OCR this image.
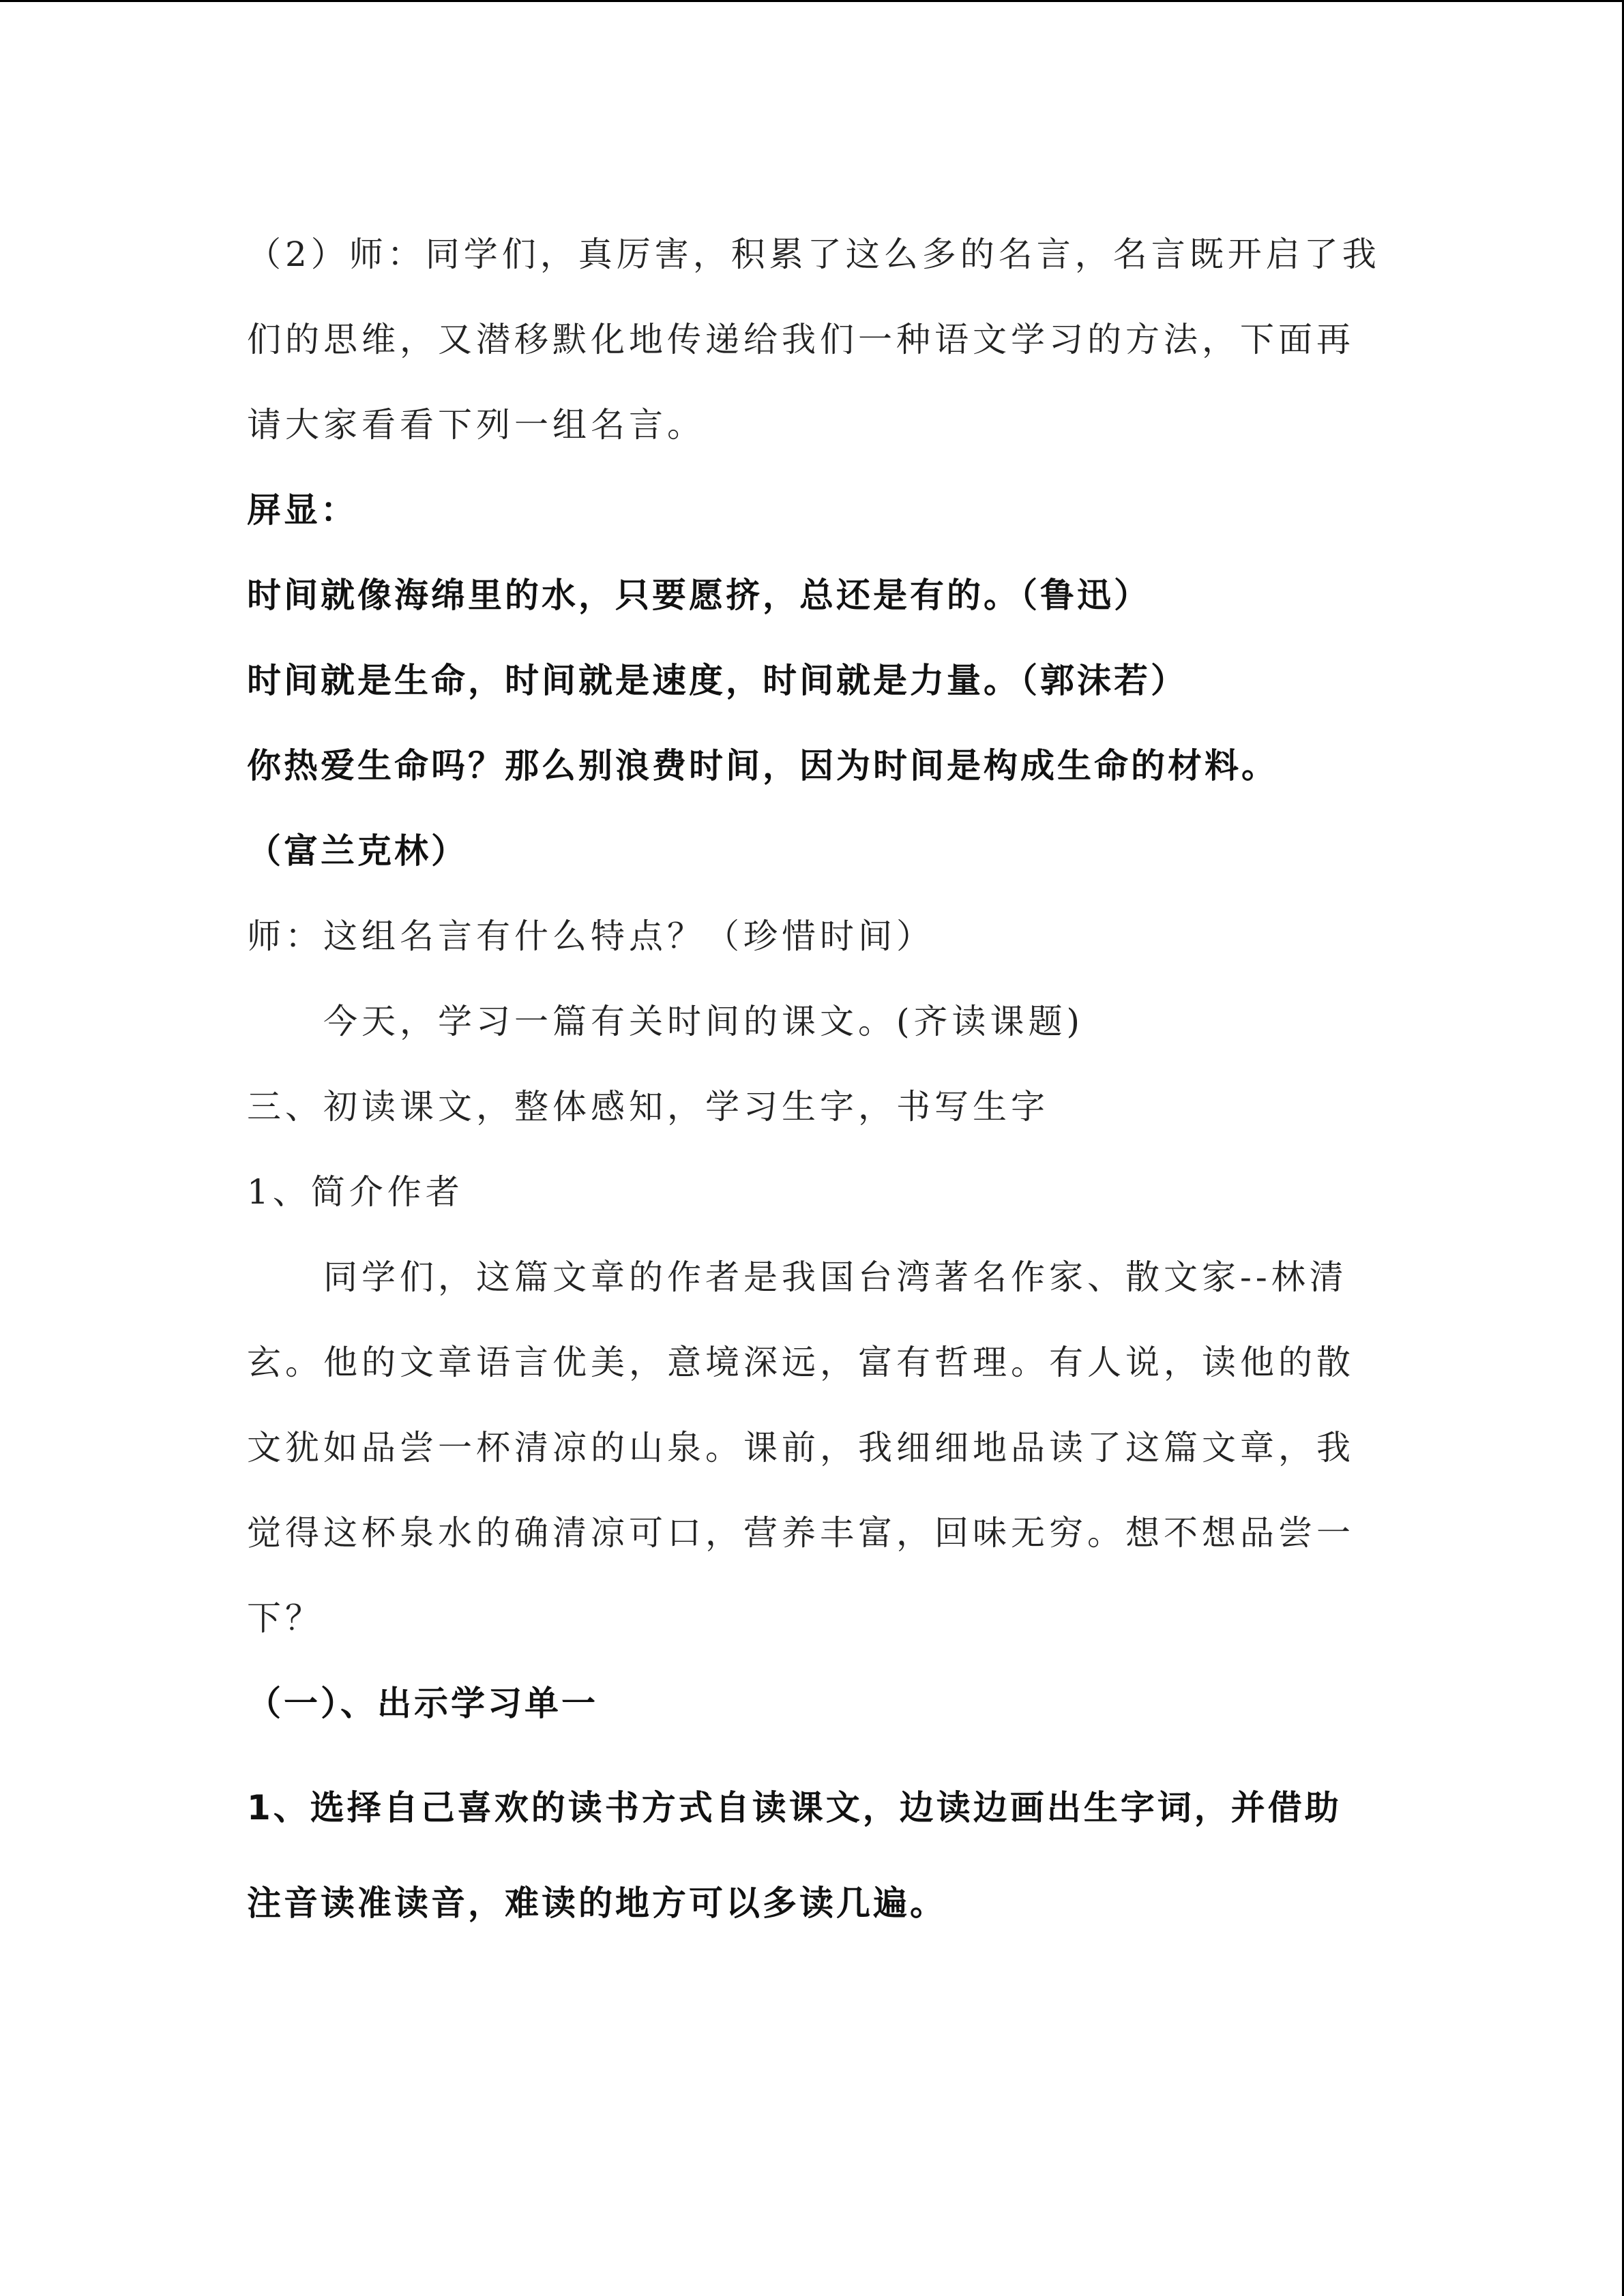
（2）师：同学们，真厉害，积累了这么多的名言，名言既开启了我
们的思维，又潜移默化地传递给我们一种语文学习的方法，下面再
请大家看看下列一组名言。
屏显：
时间就像海绵里的水，只要愿挤，总还是有的。（鲁迅）
时间就是生命，时间就是速度，时间就是力量。（郭沫若）
你热爱生命吗？那么别浪费时间，因为时间是构成生命的材料。
（富兰克林）
师：这组名言有什么特点？（珍惜时间）
今天，学习一篇有关时间的课文。(齐读课题)
三、初读课文，整体感知，学习生字，书写生字
1、简介作者
同学们，这篇文章的作者是我国台湾著名作家、散文家--林清
玄。他的文章语言优美，意境深远，富有哲理。有人说，读他的散
文犹如品尝一杯清凉的山泉。课前，我细细地品读了这篇文章，我
觉得这杯泉水的确清凉可口，营养丰富，回味无穷。想不想品尝一
下？
（一）、出示学习单一
1、选择自己喜欢的读书方式自读课文，边读边画出生字词，并借助
注音读准读音，难读的地方可以多读几遍。
